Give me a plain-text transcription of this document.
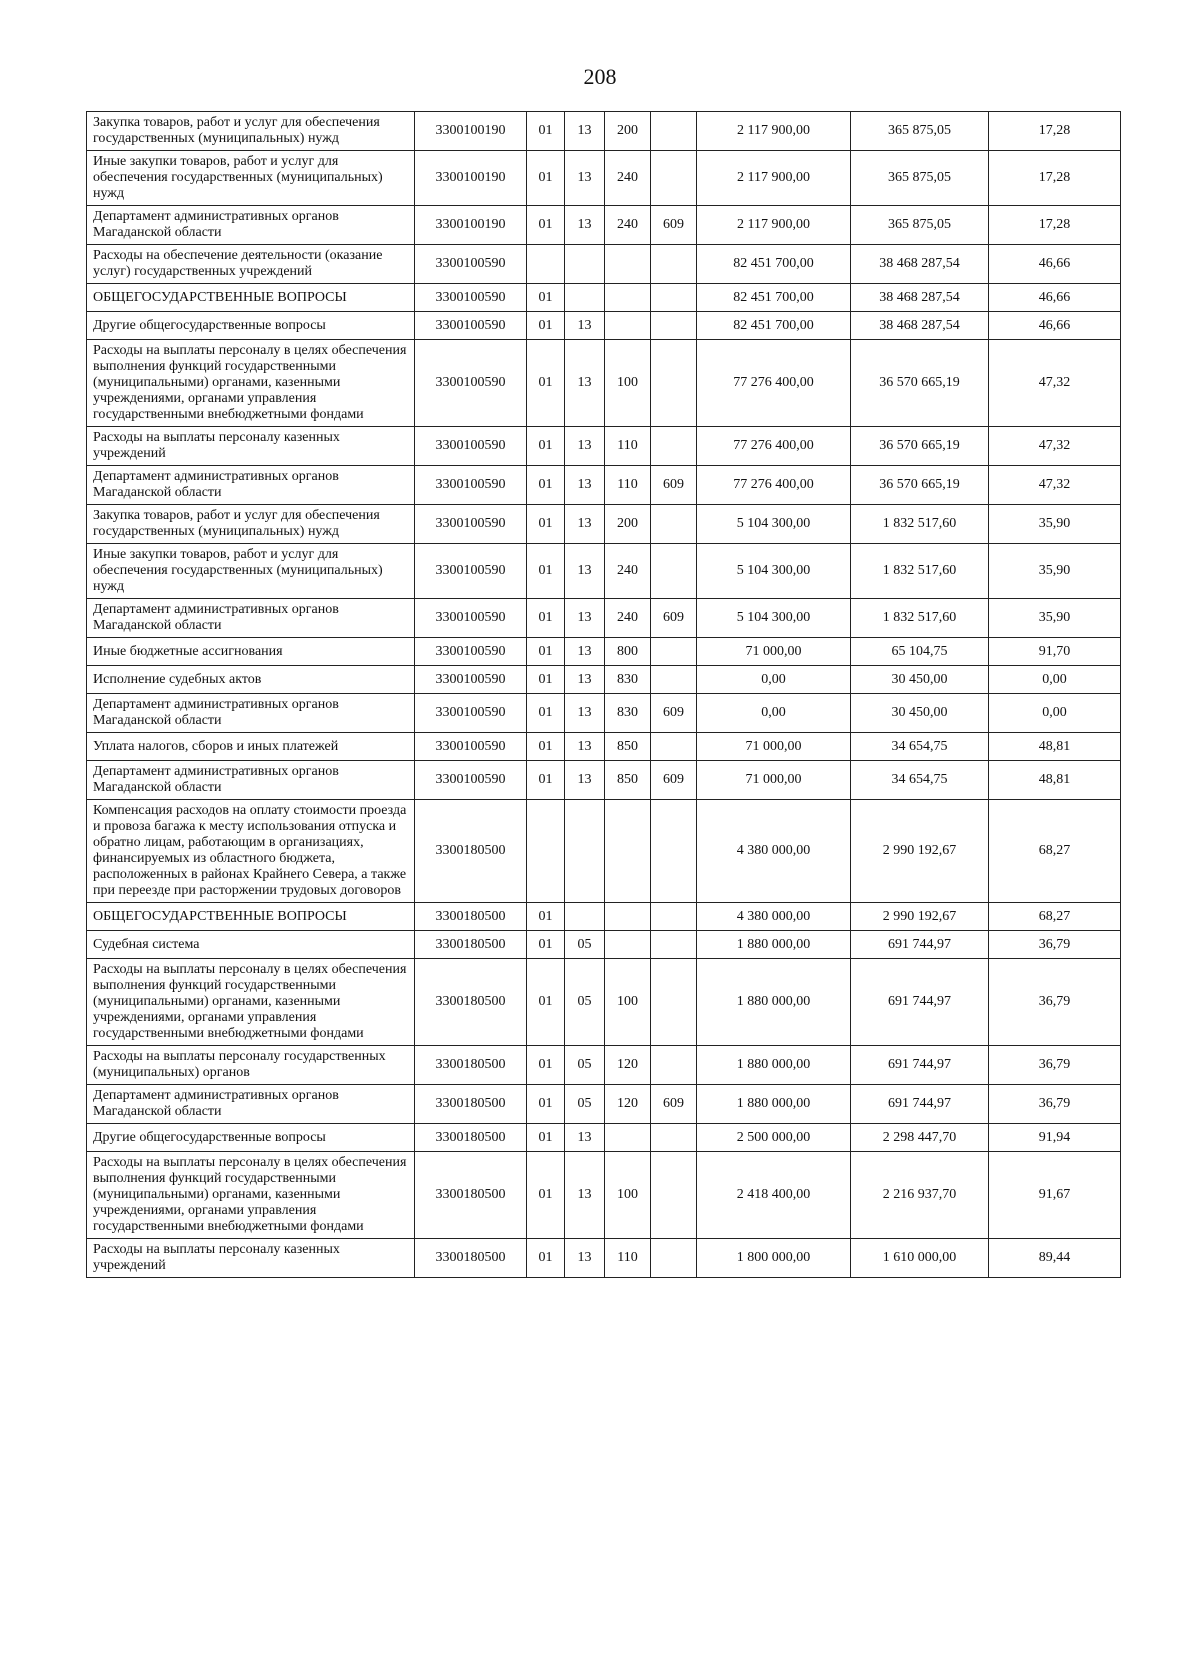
208
Закупка товаров, работ и услуг для обеспечения государственных (муниципальных) нужд	3300100190	01	13	200		2 117 900,00	365 875,05	17,28
Иные закупки товаров, работ и услуг для обеспечения государственных (муниципальных) нужд	3300100190	01	13	240		2 117 900,00	365 875,05	17,28
Департамент административных органов Магаданской области	3300100190	01	13	240	609	2 117 900,00	365 875,05	17,28
Расходы на обеспечение деятельности (оказание услуг) государственных учреждений	3300100590					82 451 700,00	38 468 287,54	46,66
ОБЩЕГОСУДАРСТВЕННЫЕ ВОПРОСЫ	3300100590	01				82 451 700,00	38 468 287,54	46,66
Другие общегосударственные вопросы	3300100590	01	13			82 451 700,00	38 468 287,54	46,66
Расходы на выплаты персоналу в целях обеспечения выполнения функций государственными (муниципальными) органами, казенными учреждениями, органами управления государственными внебюджетными фондами	3300100590	01	13	100		77 276 400,00	36 570 665,19	47,32
Расходы на выплаты персоналу казенных учреждений	3300100590	01	13	110		77 276 400,00	36 570 665,19	47,32
Департамент административных органов Магаданской области	3300100590	01	13	110	609	77 276 400,00	36 570 665,19	47,32
Закупка товаров, работ и услуг для обеспечения государственных (муниципальных) нужд	3300100590	01	13	200		5 104 300,00	1 832 517,60	35,90
Иные закупки товаров, работ и услуг для обеспечения государственных (муниципальных) нужд	3300100590	01	13	240		5 104 300,00	1 832 517,60	35,90
Департамент административных органов Магаданской области	3300100590	01	13	240	609	5 104 300,00	1 832 517,60	35,90
Иные бюджетные ассигнования	3300100590	01	13	800		71 000,00	65 104,75	91,70
Исполнение судебных актов	3300100590	01	13	830		0,00	30 450,00	0,00
Департамент административных органов Магаданской области	3300100590	01	13	830	609	0,00	30 450,00	0,00
Уплата налогов, сборов и иных платежей	3300100590	01	13	850		71 000,00	34 654,75	48,81
Департамент административных органов Магаданской области	3300100590	01	13	850	609	71 000,00	34 654,75	48,81
Компенсация расходов на оплату стоимости проезда и провоза багажа к месту использования отпуска и обратно лицам, работающим в организациях, финансируемых из областного бюджета, расположенных в районах Крайнего Севера, а также при переезде при расторжении трудовых договоров	3300180500					4 380 000,00	2 990 192,67	68,27
ОБЩЕГОСУДАРСТВЕННЫЕ ВОПРОСЫ	3300180500	01				4 380 000,00	2 990 192,67	68,27
Судебная система	3300180500	01	05			1 880 000,00	691 744,97	36,79
Расходы на выплаты персоналу в целях обеспечения выполнения функций государственными (муниципальными) органами, казенными учреждениями, органами управления государственными внебюджетными фондами	3300180500	01	05	100		1 880 000,00	691 744,97	36,79
Расходы на выплаты персоналу государственных (муниципальных) органов	3300180500	01	05	120		1 880 000,00	691 744,97	36,79
Департамент административных органов Магаданской области	3300180500	01	05	120	609	1 880 000,00	691 744,97	36,79
Другие общегосударственные вопросы	3300180500	01	13			2 500 000,00	2 298 447,70	91,94
Расходы на выплаты персоналу в целях обеспечения выполнения функций государственными (муниципальными) органами, казенными учреждениями, органами управления государственными внебюджетными фондами	3300180500	01	13	100		2 418 400,00	2 216 937,70	91,67
Расходы на выплаты персоналу казенных учреждений	3300180500	01	13	110		1 800 000,00	1 610 000,00	89,44
